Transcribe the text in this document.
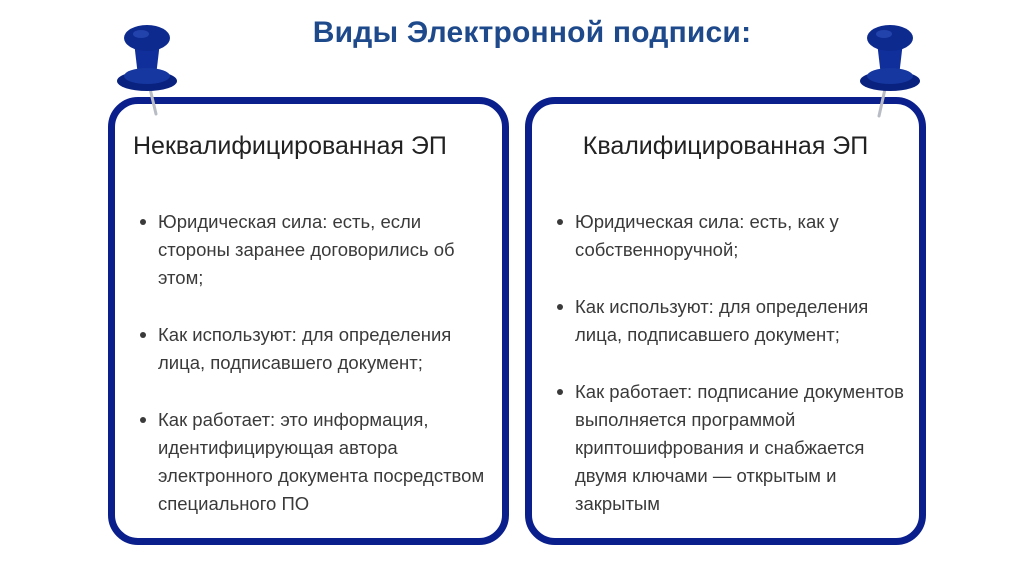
Виды Электронной подписи:
Неквалифицированная ЭП
Юридическая сила: есть, если стороны заранее договорились об этом;
Как используют: для определения лица, подписавшего документ;
Как работает: это информация, идентифицирующая автора электронного документа посредством специального ПО
Квалифицированная ЭП
Юридическая сила: есть, как у собственноручной;
Как используют: для определения лица, подписавшего документ;
Как работает: подписание документов выполняется программой криптошифрования и снабжается двумя ключами — открытым и закрытым
